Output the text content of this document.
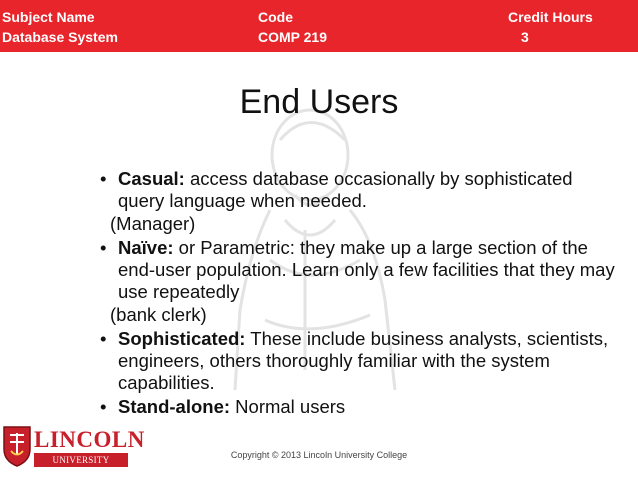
Subject Name
Database System
Code
COMP 219
Credit Hours
3
End Users
• Casual: access database occasionally by sophisticated query language when needed.
(Manager)
• Naïve: or Parametric: they make up a large section of the end-user population. Learn only a few facilities that they may use repeatedly
(bank clerk)
• Sophisticated: These include business analysts, scientists, engineers, others thoroughly familiar with the system capabilities.
• Stand-alone: Normal users
LINCOLN
UNIVERSITY COLLEGE
Copyright © 2013 Lincoln University College
